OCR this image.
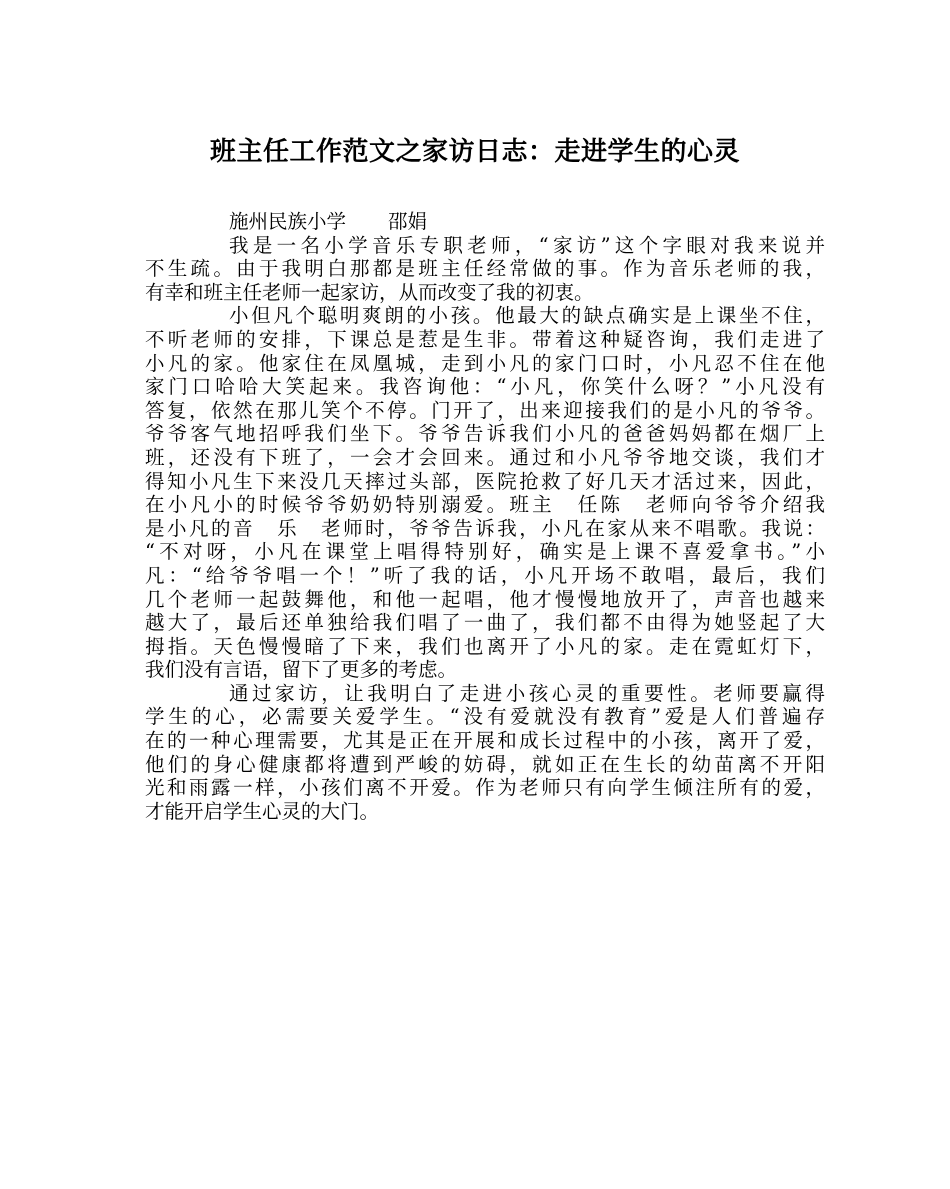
班主任工作范文之家访日志：走进学生的心灵
施州民族小学 邵娟
我是一名小学音乐专职老师，“家访”这个字眼对我来说并
不生疏。由于我明白那都是班主任经常做的事。作为音乐老师的我，
有幸和班主任老师一起家访，从而改变了我的初衷。
小但凡个聪明爽朗的小孩。他最大的缺点确实是上课坐不住，
不听老师的安排，下课总是惹是生非。带着这种疑咨询，我们走进了
小凡的家。他家住在凤凰城，走到小凡的家门口时，小凡忍不住在他
家门口哈哈大笑起来。我咨询他：“小凡，你笑什么呀？”小凡没有
答复，依然在那儿笑个不停。门开了，出来迎接我们的是小凡的爷爷。
爷爷客气地招呼我们坐下。爷爷告诉我们小凡的爸爸妈妈都在烟厂上
班，还没有下班了，一会才会回来。通过和小凡爷爷地交谈，我们才
得知小凡生下来没几天摔过头部，医院抢救了好几天才活过来，因此，
在小凡小的时候爷爷奶奶特别溺爱。班主　任陈　老师向爷爷介绍我
是小凡的音　乐　老师时，爷爷告诉我，小凡在家从来不唱歌。我说：
“不对呀，小凡在课堂上唱得特别好，确实是上课不喜爱拿书。”小
凡：“给爷爷唱一个！”听了我的话，小凡开场不敢唱，最后，我们
几个老师一起鼓舞他，和他一起唱，他才慢慢地放开了，声音也越来
越大了，最后还单独给我们唱了一曲了，我们都不由得为她竖起了大
拇指。天色慢慢暗了下来，我们也离开了小凡的家。走在霓虹灯下，
我们没有言语，留下了更多的考虑。
通过家访，让我明白了走进小孩心灵的重要性。老师要赢得
学生的心，必需要关爱学生。“没有爱就没有教育”爱是人们普遍存
在的一种心理需要，尤其是正在开展和成长过程中的小孩，离开了爱，
他们的身心健康都将遭到严峻的妨碍，就如正在生长的幼苗离不开阳
光和雨露一样，小孩们离不开爱。作为老师只有向学生倾注所有的爱，
才能开启学生心灵的大门。
